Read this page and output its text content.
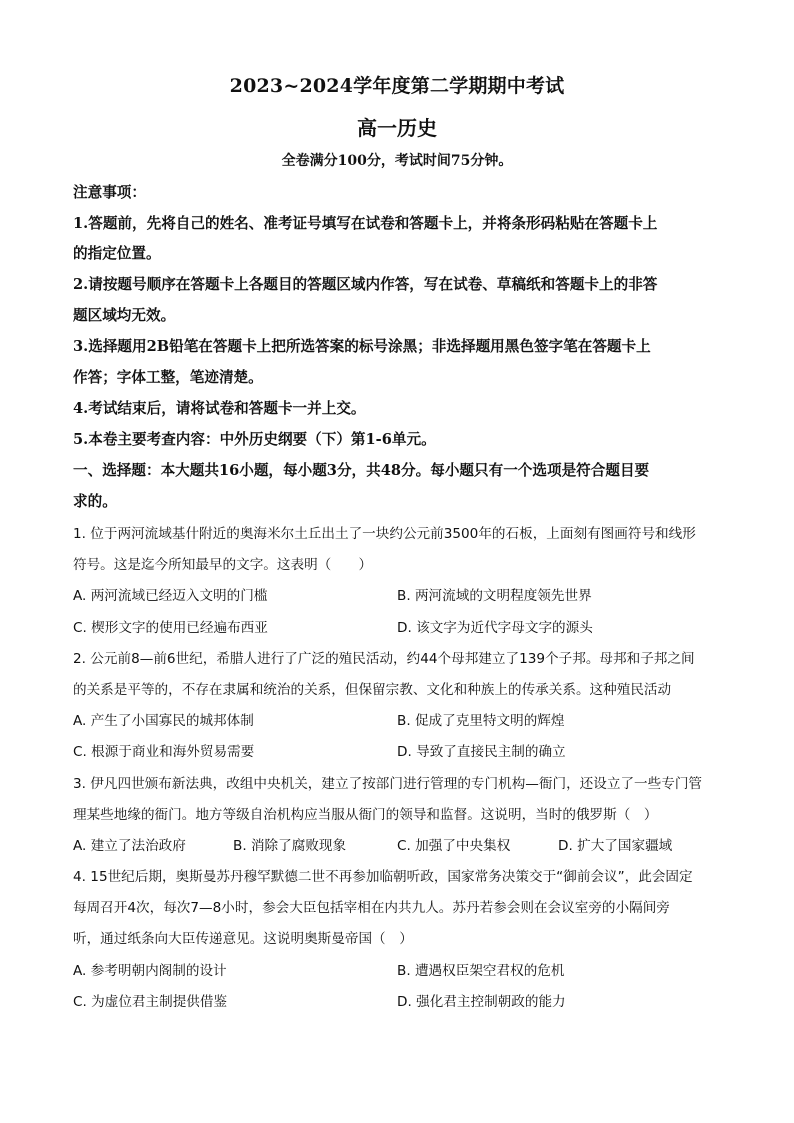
2023~2024学年度第二学期期中考试
高一历史
全卷满分100分，考试时间75分钟。
注意事项：
1.答题前，先将自己的姓名、准考证号填写在试卷和答题卡上，并将条形码粘贴在答题卡上
的指定位置。
2.请按题号顺序在答题卡上各题目的答题区域内作答，写在试卷、草稿纸和答题卡上的非答
题区域均无效。
3.选择题用2B铅笔在答题卡上把所选答案的标号涂黑；非选择题用黑色签字笔在答题卡上
作答；字体工整，笔迹清楚。
4.考试结束后，请将试卷和答题卡一并上交。
5.本卷主要考查内容：中外历史纲要（下）第1-6单元。
一、选择题：本大题共16小题，每小题3分，共48分。每小题只有一个选项是符合题目要
求的。
1. 位于两河流域基什附近的奥海米尔土丘出土了一块约公元前3500年的石板，上面刻有图画符号和线形
符号。这是迄今所知最早的文字。这表明（　　）
A. 两河流域已经迈入文明的门槛	B. 两河流域的文明程度领先世界
C. 楔形文字的使用已经遍布西亚	D. 该文字为近代字母文字的源头
2. 公元前8—前6世纪，希腊人进行了广泛的殖民活动，约44个母邦建立了139个子邦。母邦和子邦之间
的关系是平等的，不存在隶属和统治的关系，但保留宗教、文化和种族上的传承关系。这种殖民活动
A. 产生了小国寡民的城邦体制	B. 促成了克里特文明的辉煌
C. 根源于商业和海外贸易需要	D. 导致了直接民主制的确立
3. 伊凡四世颁布新法典，改组中央机关，建立了按部门进行管理的专门机构—衙门，还设立了一些专门管
理某些地缘的衙门。地方等级自治机构应当服从衙门的领导和监督。这说明，当时的俄罗斯（　）
A. 建立了法治政府	B. 消除了腐败现象	C. 加强了中央集权	D. 扩大了国家疆域
4. 15世纪后期，奥斯曼苏丹穆罕默德二世不再参加临朝听政，国家常务决策交于“御前会议”，此会固定
每周召开4次，每次7—8小时，参会大臣包括宰相在内共九人。苏丹若参会则在会议室旁的小隔间旁
听，通过纸条向大臣传递意见。这说明奥斯曼帝国（　）
A. 参考明朝内阁制的设计	B. 遭遇权臣架空君权的危机
C. 为虚位君主制提供借鉴	D. 强化君主控制朝政的能力
